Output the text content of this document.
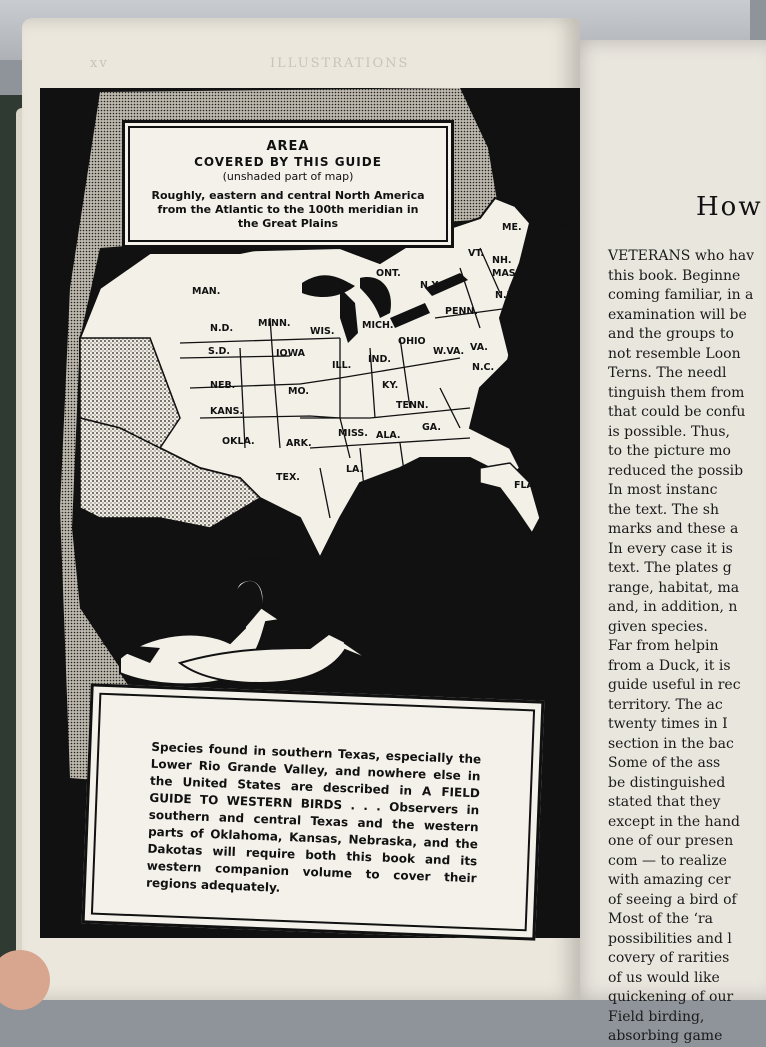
xv	ILLUSTRATIONS
MAN.
ONT.
N.B.
ME.	N.S.
VT.
NH.
MASS
N.Y.
PENN.
N.J.
MD.
MINN.
WIS.
MICH.
N.D.
S.D.	IOWA
ILL.
IND.
OHIO
W.VA. VA.
NEB.
MO.
KY.
N.C.
KANS.
TENN.
S.C.
OKLA.	ARK.
MISS. ALA.
GA.
TEX.
LA.
FLA.
AREA
COVERED BY THIS GUIDE
(unshaded part of map)
Roughly, eastern and central North America from the Atlantic to the 100th meridian in the Great Plains
Species found in southern Texas, especially the Lower Rio Grande Valley, and nowhere else in the United States are described in A FIELD GUIDE TO WESTERN BIRDS . . . Observers in southern and central Texas and the western parts of Oklahoma, Kansas, Nebraska, and the Dakotas will require both this book and its western companion volume to cover their regions adequately.
How
VETERANS who hav
this book. Beginne
coming familiar, in a
examination will be
and the groups to
not resemble Loon
Terns. The needl
tinguish them from
that could be confu
is possible. Thus,
to the picture mo
reduced the possib
In most instanc
the text. The sh
marks and these a
In every case it is
text. The plates g
range, habitat, ma
and, in addition, n
given species.
Far from helpin
from a Duck, it is
guide useful in rec
territory. The ac
twenty times in I
section in the bac
Some of the ass
be distinguished
stated that they
except in the hand
one of our presen
com — to realize
with amazing cer
of seeing a bird of
Most of the ‘ra
possibilities and l
covery of rarities
of us would like
quickening of our
Field birding,
absorbing game
